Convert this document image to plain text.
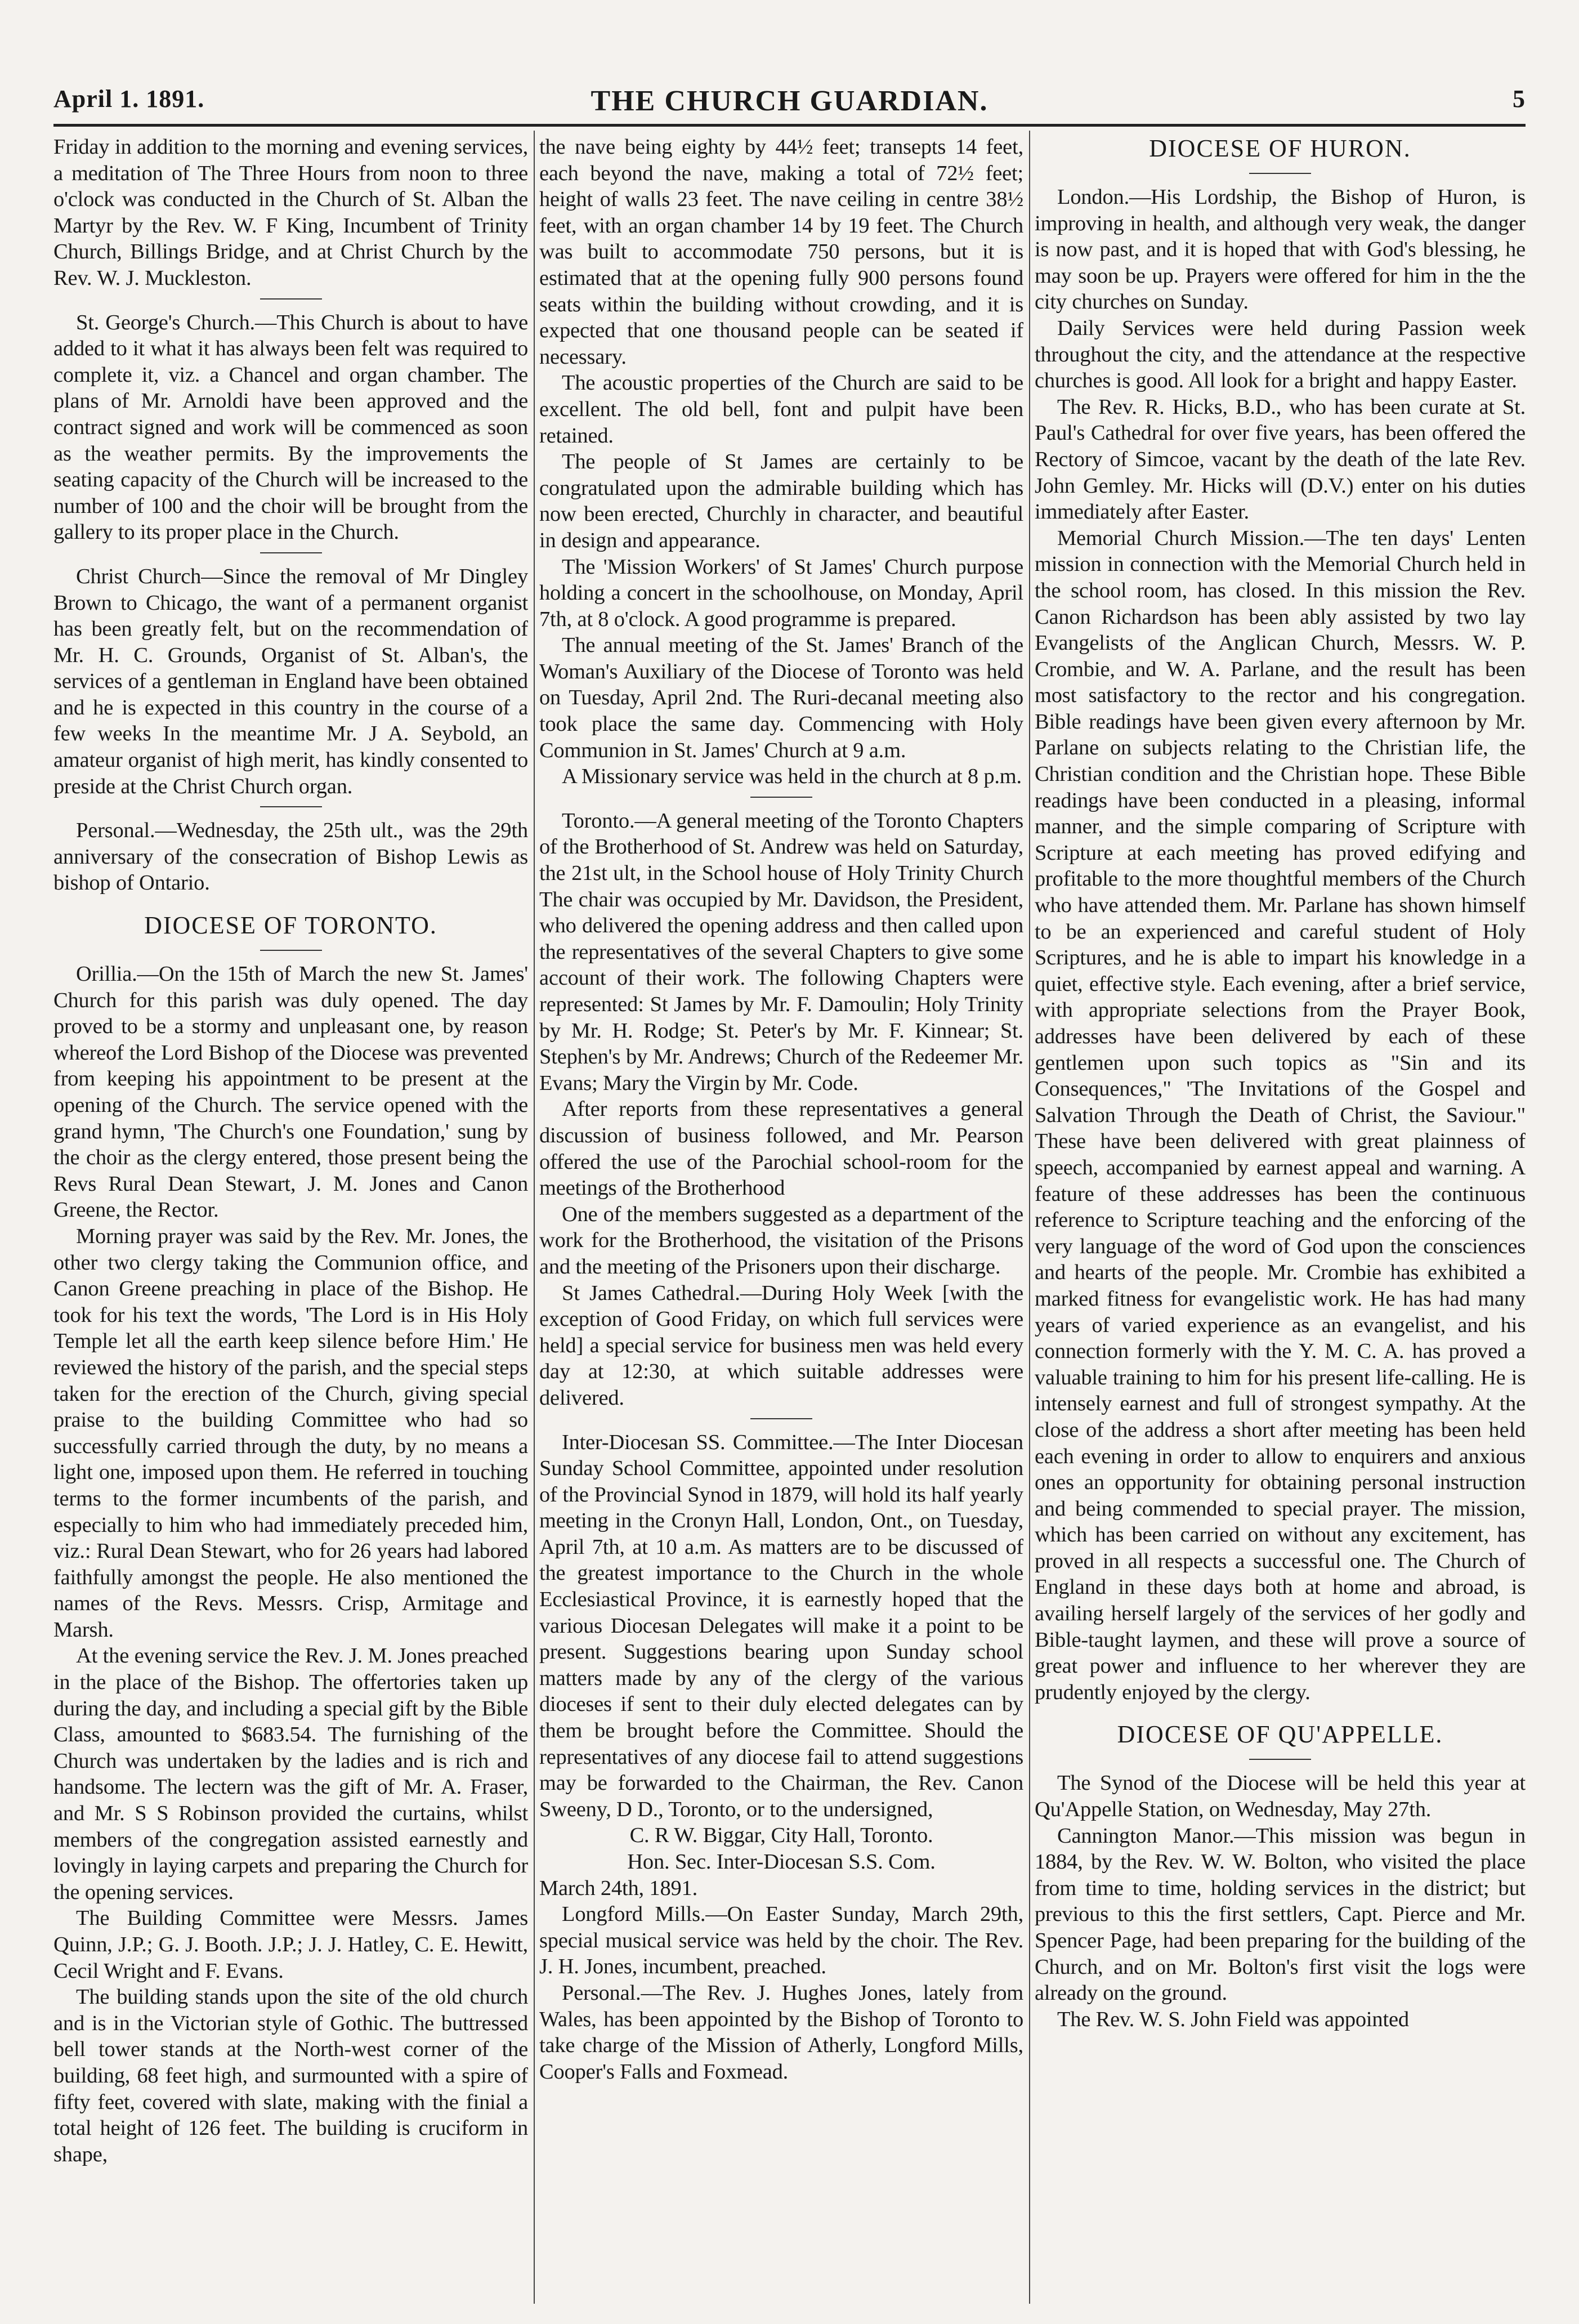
April 1. 1891.	THE CHURCH GUARDIAN.	5

Friday in addition to the morning and evening services, a meditation of The Three Hours from noon to three o'clock was conducted in the Church of St. Alban the Martyr by the Rev. W. F King, Incumbent of Trinity Church, Billings Bridge, and at Christ Church by the Rev. W. J. Muckleston.

St. George's Church.—This Church is about to have added to it what it has always been felt was required to complete it, viz. a Chancel and organ chamber. The plans of Mr. Arnoldi have been approved and the contract signed and work will be commenced as soon as the weather permits. By the improvements the seating capacity of the Church will be increased to the number of 100 and the choir will be brought from the gallery to its proper place in the Church.

Christ Church—Since the removal of Mr Dingley Brown to Chicago, the want of a permanent organist has been greatly felt, but on the recommendation of Mr. H. C. Grounds, Organist of St. Alban's, the services of a gentleman in England have been obtained and he is expected in this country in the course of a few weeks In the meantime Mr. J A. Seybold, an amateur organist of high merit, has kindly consented to preside at the Christ Church organ.

Personal.—Wednesday, the 25th ult., was the 29th anniversary of the consecration of Bishop Lewis as bishop of Ontario.

DIOCESE OF TORONTO.

Orillia.—On the 15th of March the new St. James' Church for this parish was duly opened. The day proved to be a stormy and unpleasant one, by reason whereof the Lord Bishop of the Diocese was prevented from keeping his appointment to be present at the opening of the Church. The service opened with the grand hymn, 'The Church's one Foundation,' sung by the choir as the clergy entered, those present being the Revs Rural Dean Stewart, J. M. Jones and Canon Greene, the Rector.

Morning prayer was said by the Rev. Mr. Jones, the other two clergy taking the Communion office, and Canon Greene preaching in place of the Bishop. He took for his text the words, 'The Lord is in His Holy Temple let all the earth keep silence before Him.' He reviewed the history of the parish, and the special steps taken for the erection of the Church, giving special praise to the building Committee who had so successfully carried through the duty, by no means a light one, imposed upon them. He referred in touching terms to the former incumbents of the parish, and especially to him who had immediately preceded him, viz.: Rural Dean Stewart, who for 26 years had labored faithfully amongst the people. He also mentioned the names of the Revs. Messrs. Crisp, Armitage and Marsh.

At the evening service the Rev. J. M. Jones preached in the place of the Bishop. The offertories taken up during the day, and including a special gift by the Bible Class, amounted to $683.54. The furnishing of the Church was undertaken by the ladies and is rich and handsome. The lectern was the gift of Mr. A. Fraser, and Mr. S S Robinson provided the curtains, whilst members of the congregation assisted earnestly and lovingly in laying carpets and preparing the Church for the opening services.

The Building Committee were Messrs. James Quinn, J.P.; G. J. Booth. J.P.; J. J. Hatley, C. E. Hewitt, Cecil Wright and F. Evans.

The building stands upon the site of the old church and is in the Victorian style of Gothic. The buttressed bell tower stands at the North-west corner of the building, 68 feet high, and surmounted with a spire of fifty feet, covered with slate, making with the finial a total height of 126 feet. The building is cruciform in shape,

the nave being eighty by 44½ feet; transepts 14 feet, each beyond the nave, making a total of 72½ feet; height of walls 23 feet. The nave ceiling in centre 38½ feet, with an organ chamber 14 by 19 feet. The Church was built to accommodate 750 persons, but it is estimated that at the opening fully 900 persons found seats within the building without crowding, and it is expected that one thousand people can be seated if necessary.

The acoustic properties of the Church are said to be excellent. The old bell, font and pulpit have been retained.

The people of St James are certainly to be congratulated upon the admirable building which has now been erected, Churchly in character, and beautiful in design and appearance.

The 'Mission Workers' of St James' Church purpose holding a concert in the schoolhouse, on Monday, April 7th, at 8 o'clock. A good programme is prepared.

The annual meeting of the St. James' Branch of the Woman's Auxiliary of the Diocese of Toronto was held on Tuesday, April 2nd. The Ruri-decanal meeting also took place the same day. Commencing with Holy Communion in St. James' Church at 9 a.m.

A Missionary service was held in the church at 8 p.m.

Toronto.—A general meeting of the Toronto Chapters of the Brotherhood of St. Andrew was held on Saturday, the 21st ult, in the School house of Holy Trinity Church The chair was occupied by Mr. Davidson, the President, who delivered the opening address and then called upon the representatives of the several Chapters to give some account of their work. The following Chapters were represented: St James by Mr. F. Damoulin; Holy Trinity by Mr. H. Rodge; St. Peter's by Mr. F. Kinnear; St. Stephen's by Mr. Andrews; Church of the Redeemer Mr. Evans; Mary the Virgin by Mr. Code.

After reports from these representatives a general discussion of business followed, and Mr. Pearson offered the use of the Parochial school-room for the meetings of the Brotherhood

One of the members suggested as a department of the work for the Brotherhood, the visitation of the Prisons and the meeting of the Prisoners upon their discharge.

St James Cathedral.—During Holy Week [with the exception of Good Friday, on which full services were held] a special service for business men was held every day at 12:30, at which suitable addresses were delivered.

Inter-Diocesan SS. Committee.—The Inter Diocesan Sunday School Committee, appointed under resolution of the Provincial Synod in 1879, will hold its half yearly meeting in the Cronyn Hall, London, Ont., on Tuesday, April 7th, at 10 a.m. As matters are to be discussed of the greatest importance to the Church in the whole Ecclesiastical Province, it is earnestly hoped that the various Diocesan Delegates will make it a point to be present. Suggestions bearing upon Sunday school matters made by any of the clergy of the various dioceses if sent to their duly elected delegates can by them be brought before the Committee. Should the representatives of any diocese fail to attend suggestions may be forwarded to the Chairman, the Rev. Canon Sweeny, D D., Toronto, or to the undersigned,

C. R W. Biggar, City Hall, Toronto.

Hon. Sec. Inter-Diocesan S.S. Com.

March 24th, 1891.

Longford Mills.—On Easter Sunday, March 29th, special musical service was held by the choir. The Rev. J. H. Jones, incumbent, preached.

Personal.—The Rev. J. Hughes Jones, lately from Wales, has been appointed by the Bishop of Toronto to take charge of the Mission of Atherly, Longford Mills, Cooper's Falls and Foxmead.

DIOCESE OF HURON.

London.—His Lordship, the Bishop of Huron, is improving in health, and although very weak, the danger is now past, and it is hoped that with God's blessing, he may soon be up. Prayers were offered for him in the the city churches on Sunday.

Daily Services were held during Passion week throughout the city, and the attendance at the respective churches is good. All look for a bright and happy Easter.

The Rev. R. Hicks, B.D., who has been curate at St. Paul's Cathedral for over five years, has been offered the Rectory of Simcoe, vacant by the death of the late Rev. John Gemley. Mr. Hicks will (D.V.) enter on his duties immediately after Easter.

Memorial Church Mission.—The ten days' Lenten mission in connection with the Memorial Church held in the school room, has closed. In this mission the Rev. Canon Richardson has been ably assisted by two lay Evangelists of the Anglican Church, Messrs. W. P. Crombie, and W. A. Parlane, and the result has been most satisfactory to the rector and his congregation. Bible readings have been given every afternoon by Mr. Parlane on subjects relating to the Christian life, the Christian condition and the Christian hope. These Bible readings have been conducted in a pleasing, informal manner, and the simple comparing of Scripture with Scripture at each meeting has proved edifying and profitable to the more thoughtful members of the Church who have attended them. Mr. Parlane has shown himself to be an experienced and careful student of Holy Scriptures, and he is able to impart his knowledge in a quiet, effective style. Each evening, after a brief service, with appropriate selections from the Prayer Book, addresses have been delivered by each of these gentlemen upon such topics as "Sin and its Consequences," 'The Invitations of the Gospel and Salvation Through the Death of Christ, the Saviour." These have been delivered with great plainness of speech, accompanied by earnest appeal and warning. A feature of these addresses has been the continuous reference to Scripture teaching and the enforcing of the very language of the word of God upon the consciences and hearts of the people. Mr. Crombie has exhibited a marked fitness for evangelistic work. He has had many years of varied experience as an evangelist, and his connection formerly with the Y. M. C. A. has proved a valuable training to him for his present life-calling. He is intensely earnest and full of strongest sympathy. At the close of the address a short after meeting has been held each evening in order to allow to enquirers and anxious ones an opportunity for obtaining personal instruction and being commended to special prayer. The mission, which has been carried on without any excitement, has proved in all respects a successful one. The Church of England in these days both at home and abroad, is availing herself largely of the services of her godly and Bible-taught laymen, and these will prove a source of great power and influence to her wherever they are prudently enjoyed by the clergy.

DIOCESE OF QU'APPELLE.

The Synod of the Diocese will be held this year at Qu'Appelle Station, on Wednesday, May 27th.

Cannington Manor.—This mission was begun in 1884, by the Rev. W. W. Bolton, who visited the place from time to time, holding services in the district; but previous to this the first settlers, Capt. Pierce and Mr. Spencer Page, had been preparing for the building of the Church, and on Mr. Bolton's first visit the logs were already on the ground.

The Rev. W. S. John Field was appointed
